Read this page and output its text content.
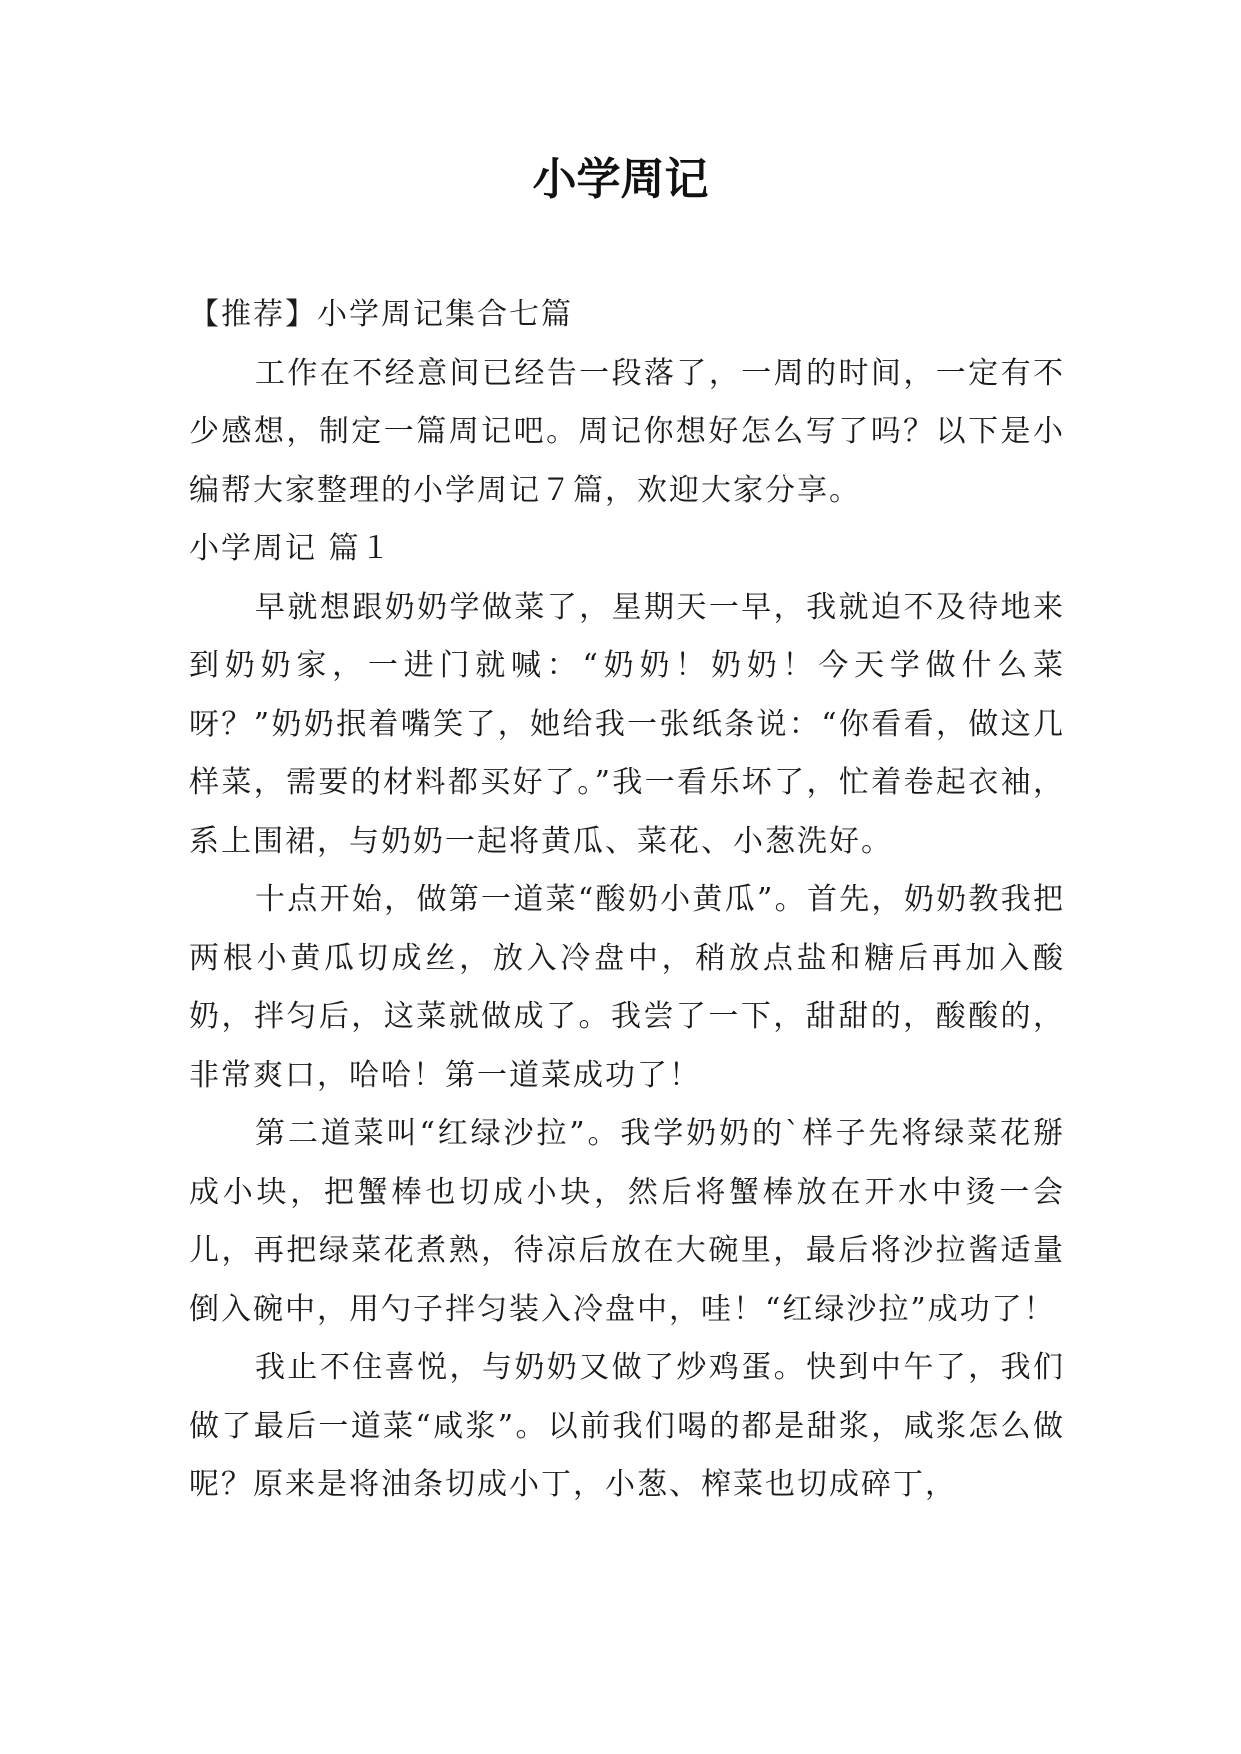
小学周记

【推荐】小学周记集合七篇

工作在不经意间已经告一段落了，一周的时间，一定有不少感想，制定一篇周记吧。周记你想好怎么写了吗？以下是小编帮大家整理的小学周记７篇，欢迎大家分享。

小学周记 篇１

早就想跟奶奶学做菜了，星期天一早，我就迫不及待地来到奶奶家，一进门就喊：“奶奶！奶奶！今天学做什么菜呀？”奶奶抿着嘴笑了，她给我一张纸条说：“你看看，做这几样菜，需要的材料都买好了。”我一看乐坏了，忙着卷起衣袖，系上围裙，与奶奶一起将黄瓜、菜花、小葱洗好。

十点开始，做第一道菜“酸奶小黄瓜”。首先，奶奶教我把两根小黄瓜切成丝，放入冷盘中，稍放点盐和糖后再加入酸奶，拌匀后，这菜就做成了。我尝了一下，甜甜的，酸酸的，非常爽口，哈哈！第一道菜成功了！

第二道菜叫“红绿沙拉”。我学奶奶的`样子先将绿菜花掰成小块，把蟹棒也切成小块，然后将蟹棒放在开水中烫一会儿，再把绿菜花煮熟，待凉后放在大碗里，最后将沙拉酱适量倒入碗中，用勺子拌匀装入冷盘中，哇！“红绿沙拉”成功了！

我止不住喜悦，与奶奶又做了炒鸡蛋。快到中午了，我们做了最后一道菜“咸浆”。以前我们喝的都是甜浆，咸浆怎么做呢？原来是将油条切成小丁，小葱、榨菜也切成碎丁，
